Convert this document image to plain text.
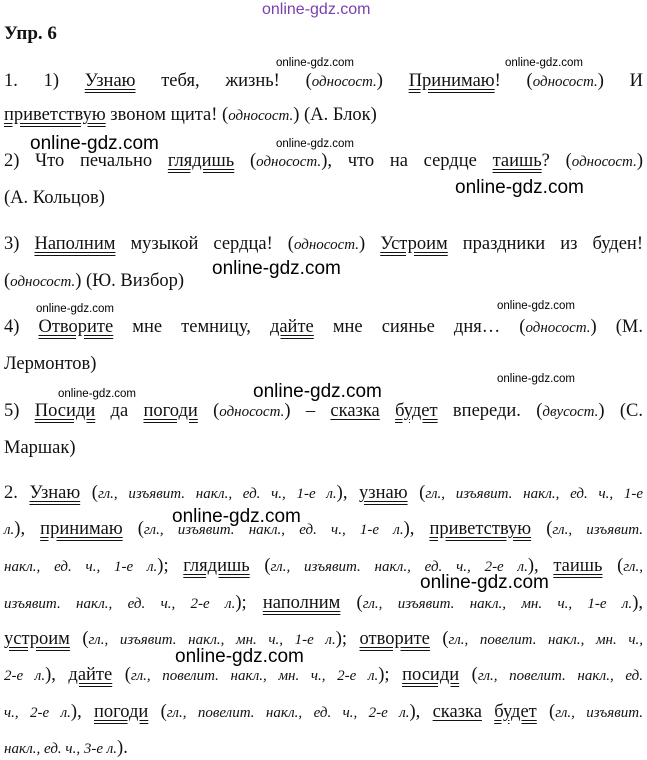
online-gdz.com
Упр. 6
1. 1) Узнаю тебя, жизнь! (односост.) Принимаю! (односост.) И
приветствую звоном щита! (односост.) (А. Блок)
2) Что печально глядишь (односост.), что на сердце таишь? (односост.)
(А. Кольцов)
3) Наполним музыкой сердца! (односост.) Устроим праздники из буден!
(односост.) (Ю. Визбор)
4) Отворите мне темницу, дайте мне сиянье дня… (односост.) (М.
Лермонтов)
5) Посиди да погоди (односост.) – сказка будет впереди. (двусост.) (С.
Маршак)
2. Узнаю (гл., изъявит. накл., ед. ч., 1-е л.), узнаю (гл., изъявит. накл., ед. ч., 1-е
л.), принимаю (гл., изъявит. накл., ед. ч., 1-е л.), приветствую (гл., изъявит.
накл., ед. ч., 1-е л.); глядишь (гл., изъявит. накл., ед. ч., 2-е л.), таишь (гл.,
изъявит. накл., ед. ч., 2-е л.); наполним (гл., изъявит. накл., мн. ч., 1-е л.),
устроим (гл., изъявит. накл., мн. ч., 1-е л.); отворите (гл., повелит. накл., мн. ч.,
2-е л.), дайте (гл., повелит. накл., мн. ч., 2-е л.); посиди (гл., повелит. накл., ед.
ч., 2-е л.), погоди (гл., повелит. накл., ед. ч., 2-е л.), сказка будет (гл., изъявит.
накл., ед. ч., 3-е л.).
online-gdz.com	online-gdz.com
online-gdz.com	online-gdz.com
online-gdz.com
online-gdz.com
online-gdz.com	online-gdz.com
online-gdz.com	online-gdz.com
online-gdz.com
online-gdz.com
online-gdz.com
online-gdz.com
